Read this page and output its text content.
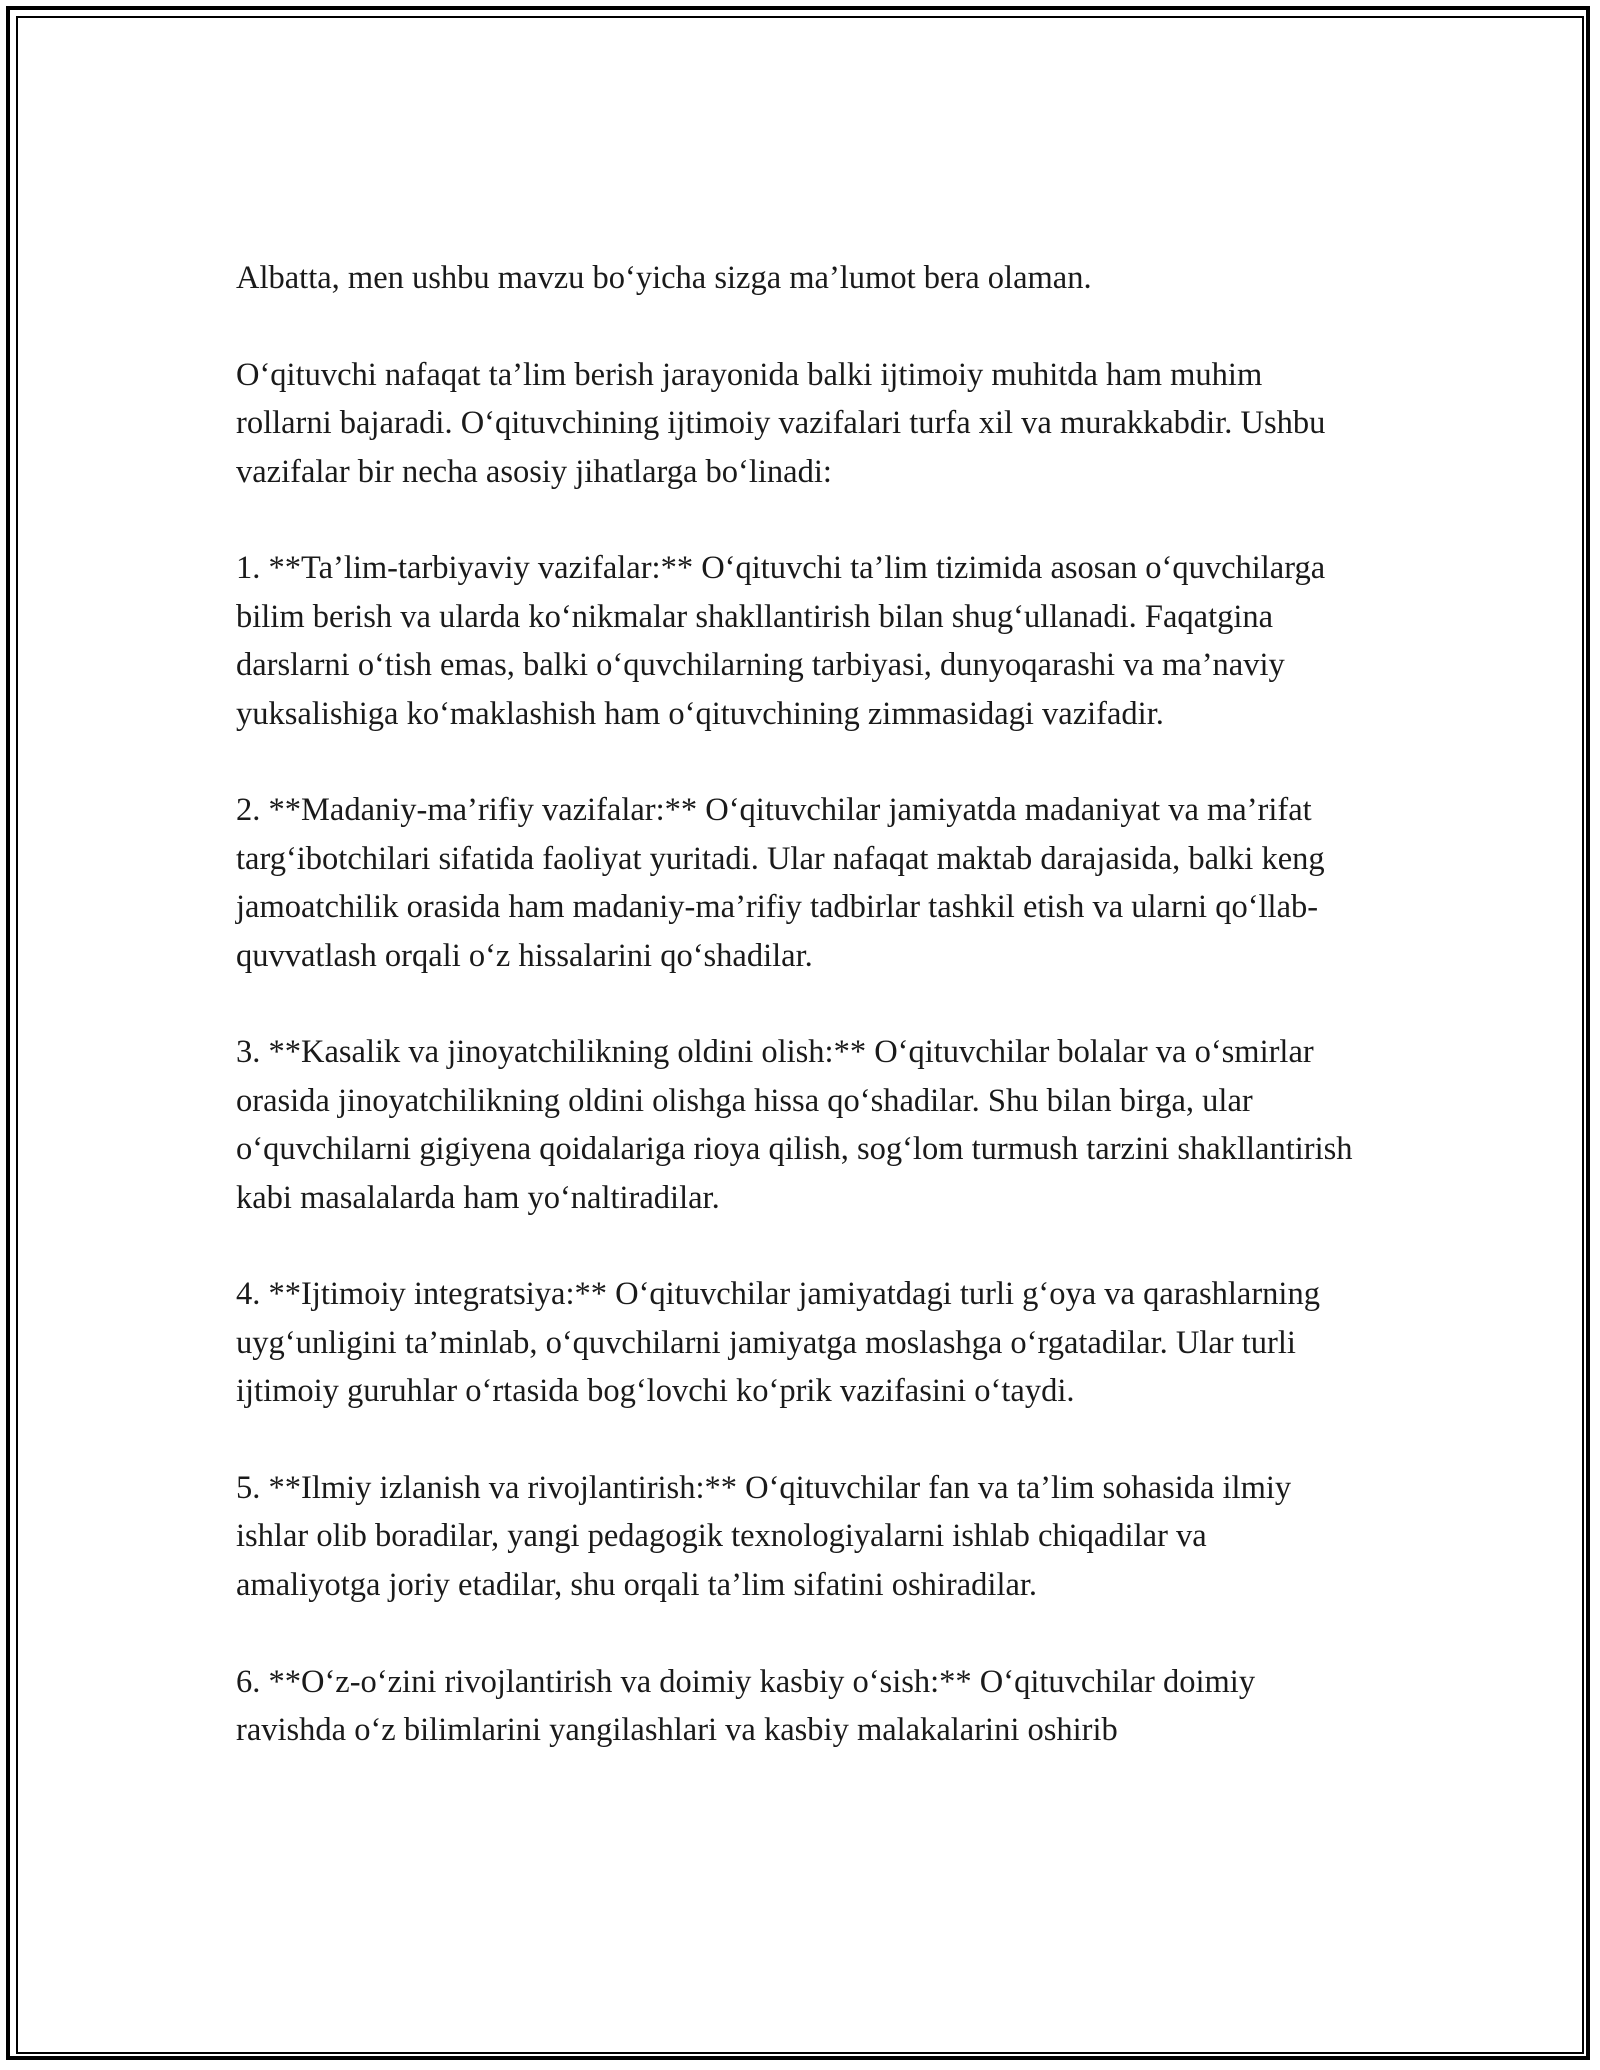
Albatta, men ushbu mavzu bo‘yicha sizga ma’lumot bera olaman.

O‘qituvchi nafaqat ta’lim berish jarayonida balki ijtimoiy muhitda ham muhim rollarni bajaradi. O‘qituvchining ijtimoiy vazifalari turfa xil va murakkabdir. Ushbu vazifalar bir necha asosiy jihatlarga bo‘linadi:

1. **Ta’lim-tarbiyaviy vazifalar:** O‘qituvchi ta’lim tizimida asosan o‘quvchilarga bilim berish va ularda ko‘nikmalar shakllantirish bilan shug‘ullanadi. Faqatgina darslarni o‘tish emas, balki o‘quvchilarning tarbiyasi, dunyoqarashi va ma’naviy yuksalishiga ko‘maklashish ham o‘qituvchining zimmasidagi vazifadir.

2. **Madaniy-ma’rifiy vazifalar:** O‘qituvchilar jamiyatda madaniyat va ma’rifat targ‘ibotchilari sifatida faoliyat yuritadi. Ular nafaqat maktab darajasida, balki keng jamoatchilik orasida ham madaniy-ma’rifiy tadbirlar tashkil etish va ularni qo‘llab-quvvatlash orqali o‘z hissalarini qo‘shadilar.

3. **Kasalik va jinoyatchilikning oldini olish:** O‘qituvchilar bolalar va o‘smirlar orasida jinoyatchilikning oldini olishga hissa qo‘shadilar. Shu bilan birga, ular o‘quvchilarni gigiyena qoidalariga rioya qilish, sog‘lom turmush tarzini shakllantirish kabi masalalarda ham yo‘naltiradilar.

4. **Ijtimoiy integratsiya:** O‘qituvchilar jamiyatdagi turli g‘oya va qarashlarning uyg‘unligini ta’minlab, o‘quvchilarni jamiyatga moslashga o‘rgatadilar. Ular turli ijtimoiy guruhlar o‘rtasida bog‘lovchi ko‘prik vazifasini o‘taydi.

5. **Ilmiy izlanish va rivojlantirish:** O‘qituvchilar fan va ta’lim sohasida ilmiy ishlar olib boradilar, yangi pedagogik texnologiyalarni ishlab chiqadilar va amaliyotga joriy etadilar, shu orqali ta’lim sifatini oshiradilar.

6. **O‘z-o‘zini rivojlantirish va doimiy kasbiy o‘sish:** O‘qituvchilar doimiy ravishda o‘z bilimlarini yangilashlari va kasbiy malakalarini oshirib
